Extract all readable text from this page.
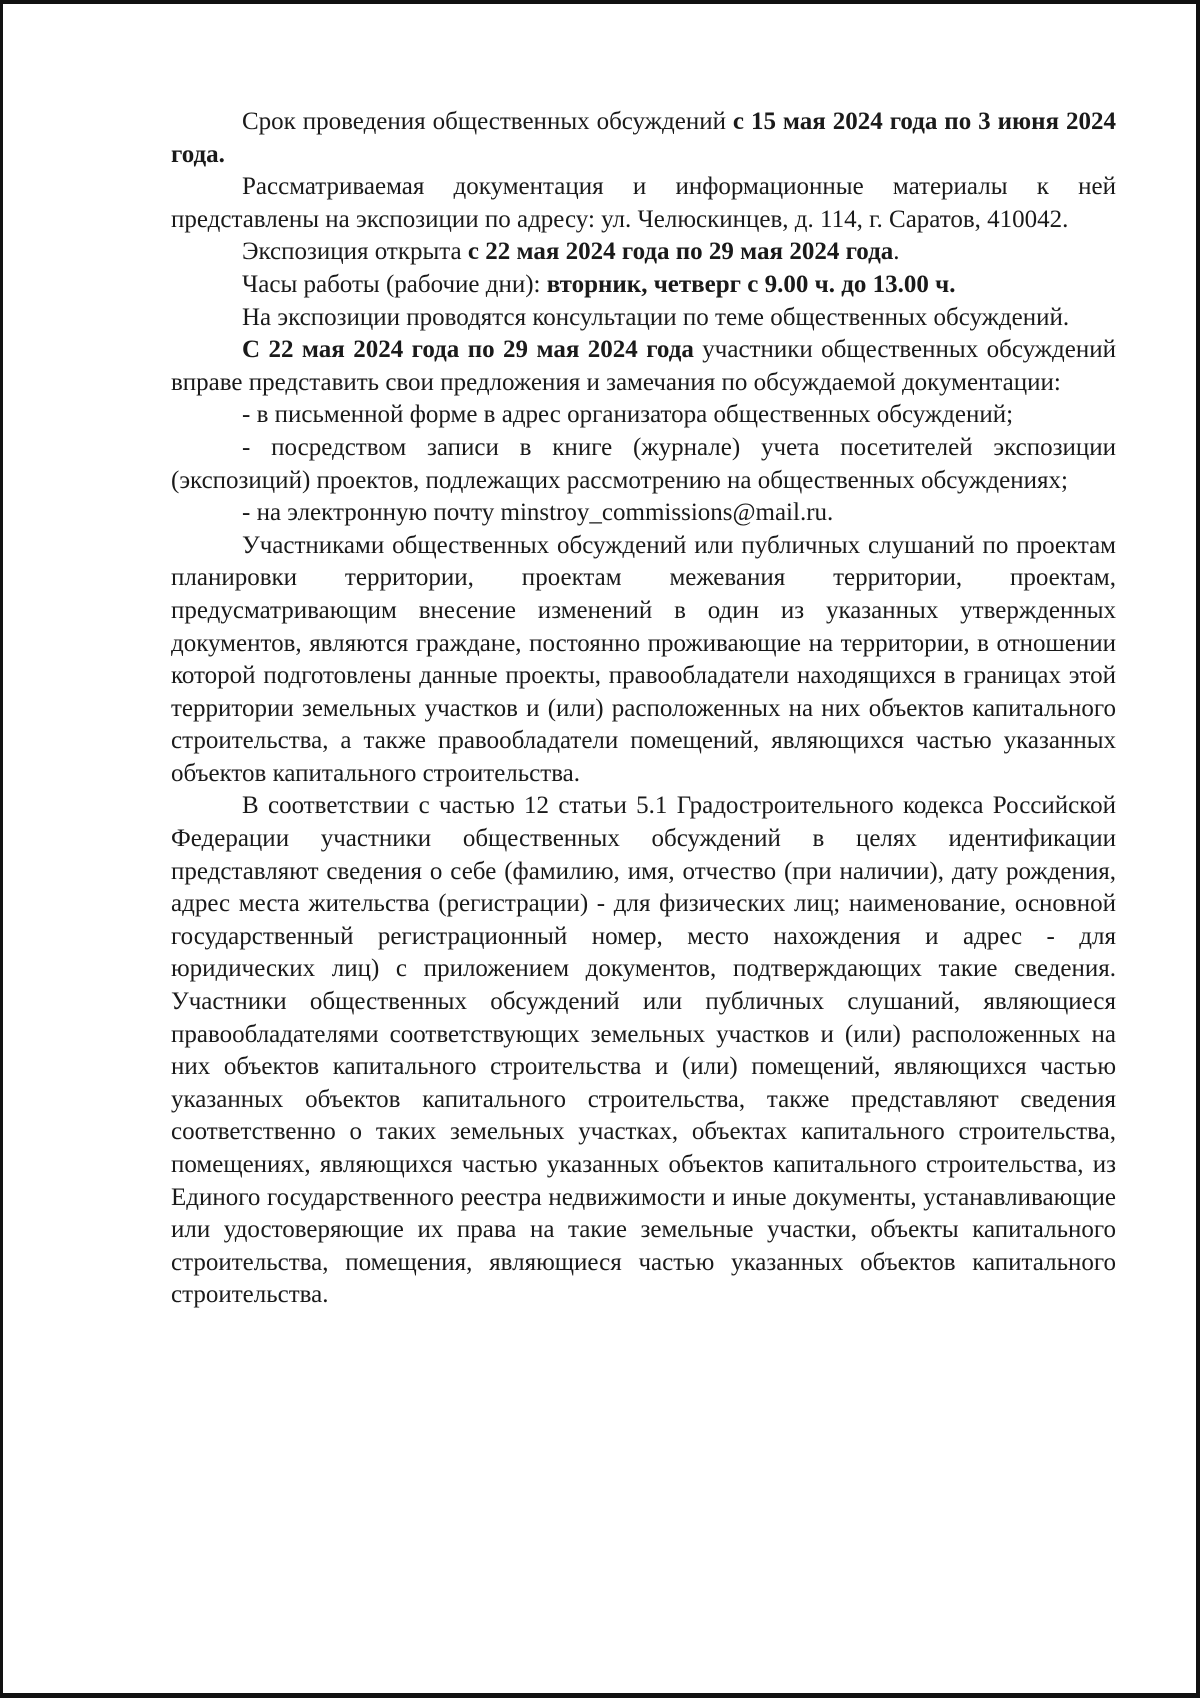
Срок проведения общественных обсуждений с 15 мая 2024 года по 3 июня 2024 года.

Рассматриваемая документация и информационные материалы к ней представлены на экспозиции по адресу: ул. Челюскинцев, д. 114, г. Саратов, 410042.

Экспозиция открыта с 22 мая 2024 года по 29 мая 2024 года.

Часы работы (рабочие дни): вторник, четверг с 9.00 ч. до 13.00 ч.

На экспозиции проводятся консультации по теме общественных обсуждений.

С 22 мая 2024 года по 29 мая 2024 года участники общественных обсуждений вправе представить свои предложения и замечания по обсуждаемой документации:

- в письменной форме в адрес организатора общественных обсуждений;

- посредством записи в книге (журнале) учета посетителей экспозиции (экспозиций) проектов, подлежащих рассмотрению на общественных обсуждениях;

- на электронную почту minstroy_commissions@mail.ru.

Участниками общественных обсуждений или публичных слушаний по проектам планировки территории, проектам межевания территории, проектам, предусматривающим внесение изменений в один из указанных утвержденных документов, являются граждане, постоянно проживающие на территории, в отношении которой подготовлены данные проекты, правообладатели находящихся в границах этой территории земельных участков и (или) расположенных на них объектов капитального строительства, а также правообладатели помещений, являющихся частью указанных объектов капитального строительства.

В соответствии с частью 12 статьи 5.1 Градостроительного кодекса Российской Федерации участники общественных обсуждений в целях идентификации представляют сведения о себе (фамилию, имя, отчество (при наличии), дату рождения, адрес места жительства (регистрации) - для физических лиц; наименование, основной государственный регистрационный номер, место нахождения и адрес - для юридических лиц) с приложением документов, подтверждающих такие сведения. Участники общественных обсуждений или публичных слушаний, являющиеся правообладателями соответствующих земельных участков и (или) расположенных на них объектов капитального строительства и (или) помещений, являющихся частью указанных объектов капитального строительства, также представляют сведения соответственно о таких земельных участках, объектах капитального строительства, помещениях, являющихся частью указанных объектов капитального строительства, из Единого государственного реестра недвижимости и иные документы, устанавливающие или удостоверяющие их права на такие земельные участки, объекты капитального строительства, помещения, являющиеся частью указанных объектов капитального строительства.
